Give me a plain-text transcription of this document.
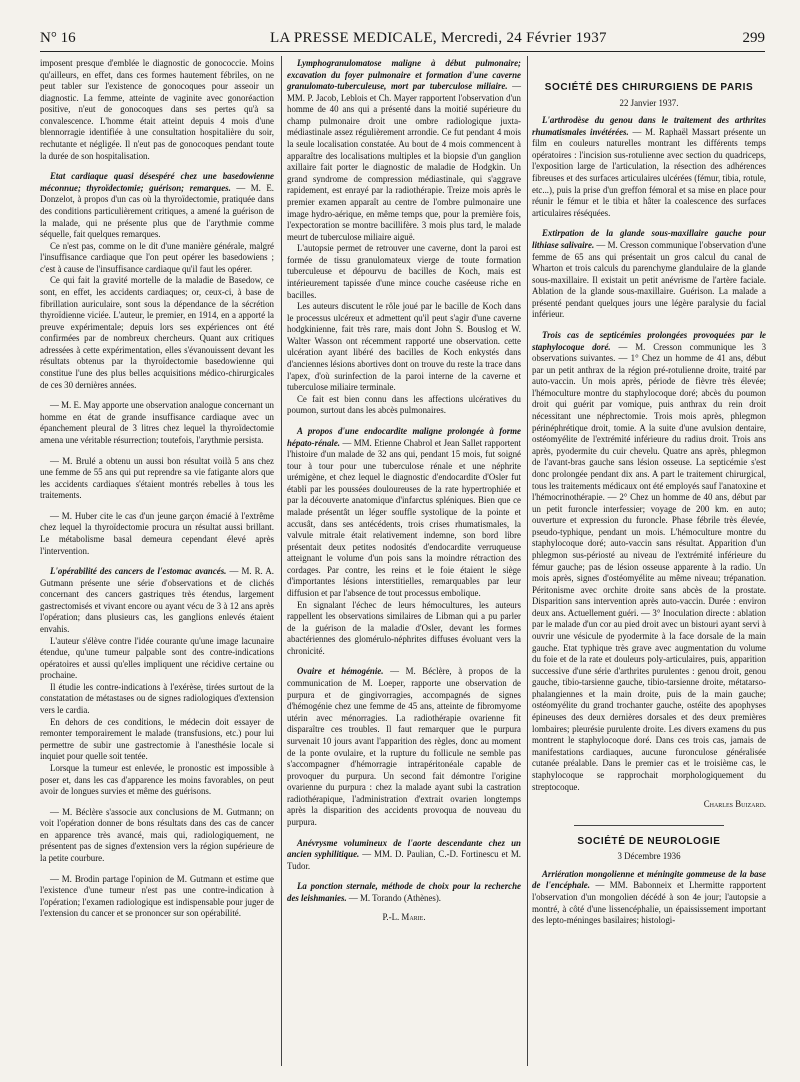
N° 16	LA PRESSE MEDICALE, Mercredi, 24 Février 1937	299

imposent presque d'emblée le diagnostic de gonococcie. Moins qu'ailleurs, en effet, dans ces formes hautement fébriles, on ne peut tabler sur l'existence de gonocoques pour asseoir un diagnostic. La femme, atteinte de vaginite avec gonoréaction positive, n'eut de gonocoques dans ses pertes qu'à sa convalescence. L'homme était atteint depuis 4 mois d'une blennorragie identifiée à une consultation hospitalière du soir, rechutante et négligée. Il n'eut pas de gonocoques pendant toute la durée de son hospitalisation.

Etat cardiaque quasi désespéré chez une basedowienne méconnue; thyroïdectomie; guérison; remarques. — M. E. Donzelot, à propos d'un cas où la thyroïdectomie, pratiquée dans des conditions particulièrement critiques, a amené la guérison de la malade, qui ne présente plus que de l'arythmie comme séquelle, fait quelques remarques.

Ce n'est pas, comme on le dit d'une manière générale, malgré l'insuffisance cardiaque que l'on peut opérer les basedowiens ; c'est à cause de l'insuffisance cardiaque qu'il faut les opérer.

Ce qui fait la gravité mortelle de la maladie de Basedow, ce sont, en effet, les accidents cardiaques; or, ceux-ci, à base de fibrillation auriculaire, sont sous la dépendance de la sécrétion thyroïdienne viciée. L'auteur, le premier, en 1914, en a apporté la preuve expérimentale; depuis lors ses expériences ont été confirmées par de nombreux chercheurs. Quant aux critiques adressées à cette expérimentation, elles s'évanouissent devant les résultats obtenus par la thyroïdectomie basedowienne qui constitue l'une des plus belles acquisitions médico-chirurgicales de ces 30 dernières années.

— M. E. May apporte une observation analogue concernant un homme en état de grande insuffisance cardiaque avec un épanchement pleural de 3 litres chez lequel la thyroïdectomie amena une véritable résurrection; toutefois, l'arythmie persista.

— M. Brulé a obtenu un aussi bon résultat voilà 5 ans chez une femme de 55 ans qui put reprendre sa vie fatigante alors que les accidents cardiaques s'étaient montrés rebelles à tous les traitements.

— M. Huber cite le cas d'un jeune garçon émacié à l'extrême chez lequel la thyroïdectomie procura un résultat aussi brillant. Le métabolisme basal demeura cependant élevé après l'intervention.

L'opérabilité des cancers de l'estomac avancés. — M. R. A. Gutmann présente une série d'observations et de clichés concernant des cancers gastriques très étendus, largement gastrectomisés et vivant encore ou ayant vécu de 3 à 12 ans après l'opération; dans plusieurs cas, les ganglions enlevés étaient envahis.

L'auteur s'élève contre l'idée courante qu'une image lacunaire étendue, qu'une tumeur palpable sont des contre-indications opératoires et aussi qu'elles impliquent une récidive certaine ou prochaine.

Il étudie les contre-indications à l'exérèse, tirées surtout de la constatation de métastases ou de signes radiologiques d'extension vers le cardia.

En dehors de ces conditions, le médecin doit essayer de remonter temporairement le malade (transfusions, etc.) pour lui permettre de subir une gastrectomie à l'anesthésie locale si inquiet pour quelle soit tentée.

Lorsque la tumeur est enlevée, le pronostic est impossible à poser et, dans les cas d'apparence les moins favorables, on peut avoir de longues survies et même des guérisons.

— M. Béclère s'associe aux conclusions de M. Gutmann; on voit l'opération donner de bons résultats dans des cas de cancer en apparence très avancé, mais qui, radiologiquement, ne présentent pas de signes d'extension vers la région supérieure de la petite courbure.

— M. Brodin partage l'opinion de M. Gutmann et estime que l'existence d'une tumeur n'est pas une contre-indication à l'opération; l'examen radiologique est indispensable pour juger de l'extension du cancer et se prononcer sur son opérabilité.

Lymphogranulomatose maligne à début pulmonaire; excavation du foyer pulmonaire et formation d'une caverne granulomato-tuberculeuse, mort par tuberculose miliaire. — MM. P. Jacob, Leblois et Ch. Mayer rapportent l'observation d'un homme de 40 ans qui a présenté dans la moitié supérieure du champ pulmonaire droit une ombre radiologique juxta-médiastinale assez régulièrement arrondie. Ce fut pendant 4 mois la seule localisation constatée. Au bout de 4 mois commencent à apparaître des localisations multiples et la biopsie d'un ganglion axillaire fait porter le diagnostic de maladie de Hodgkin. Un grand syndrome de compression médiastinale, qui s'aggrave rapidement, est enrayé par la radiothérapie. Treize mois après le premier examen apparaît au centre de l'ombre pulmonaire une image hydro-aérique, en même temps que, pour la première fois, l'expectoration se montre bacillifère. 3 mois plus tard, le malade meurt de tuberculose miliaire aiguë.

L'autopsie permet de retrouver une caverne, dont la paroi est formée de tissu granulomateux vierge de toute formation tuberculeuse et dépourvu de bacilles de Koch, mais est intérieurement tapissée d'une mince couche caséeuse riche en bacilles.

Les auteurs discutent le rôle joué par le bacille de Koch dans le processus ulcéreux et admettent qu'il peut s'agir d'une caverne hodgkinienne, fait très rare, mais dont John S. Bouslog et W. Walter Wasson ont récemment rapporté une observation. cette ulcération ayant libéré des bacilles de Koch enkystés dans d'anciennes lésions abortives dont on trouve du reste la trace dans l'apex, d'où surinfection de la paroi interne de la caverne et tuberculose miliaire terminale.

Ce fait est bien connu dans les affections ulcératives du poumon, surtout dans les abcès pulmonaires.

A propos d'une endocardite maligne prolongée à forme hépato-rénale. — MM. Etienne Chabrol et Jean Sallet rapportent l'histoire d'un malade de 32 ans qui, pendant 15 mois, fut soigné tour à tour pour une tuberculose rénale et une néphrite urémigène, et chez lequel le diagnostic d'endocardite d'Osler fut établi par les poussées douloureuses de la rate hypertrophiée et par la découverte anatomique d'infarctus spléniques. Bien que ce malade présentât un léger souffle systolique de la pointe et accusât, dans ses antécédents, trois crises rhumatismales, la valvule mitrale était relativement indemne, son bord libre présentait deux petites nodosités d'endocardite verruqueuse atteignant le volume d'un pois sans la moindre rétraction des cordages. Par contre, les reins et le foie étaient le siège d'importantes lésions interstitielles, remarquables par leur diffusion et par l'absence de tout processus embolique.

En signalant l'échec de leurs hémocultures, les auteurs rappellent les observations similaires de Libman qui a pu parler de la guérison de la maladie d'Osler, devant les formes abactériennes des glomérulo-néphrites diffuses évoluant vers la chronicité.

Ovaire et hémogénie. — M. Béclère, à propos de la communication de M. Loeper, rapporte une observation de purpura et de gingivorragies, accompagnés de signes d'hémogénie chez une femme de 45 ans, atteinte de fibromyome utérin avec ménorragies. La radiothérapie ovarienne fit disparaître ces troubles. Il faut remarquer que le purpura survenait 10 jours avant l'apparition des règles, donc au moment de la ponte ovulaire, et la rupture du follicule ne semble pas s'accompagner d'hémorragie intrapéritonéale capable de provoquer du purpura. Un second fait démontre l'origine ovarienne du purpura : chez la malade ayant subi la castration radiothérapique, l'administration d'extrait ovarien longtemps après la disparition des accidents provoqua de nouveau du purpura.

Anévrysme volumineux de l'aorte descendante chez un ancien syphilitique. — MM. D. Paulian, C.-D. Fortinescu et M. Tudor.

La ponction sternale, méthode de choix pour la recherche des leishmanies. — M. Torando (Athènes).

P.-L. Marie.
SOCIÉTÉ DES CHIRURGIENS DE PARIS
22 Janvier 1937.

L'arthrodèse du genou dans le traitement des arthrites rhumatismales invétérées. — M. Raphaël Massart présente un film en couleurs naturelles montrant les différents temps opératoires : l'incision sus-rotulienne avec section du quadriceps, l'exposition large de l'articulation, la résection des adhérences fibreuses et des surfaces articulaires ulcérées (fémur, tibia, rotule, etc...), puis la prise d'un greffon fémoral et sa mise en place pour réunir le fémur et le tibia et hâter la coalescence des surfaces articulaires réséquées.

Extirpation de la glande sous-maxillaire gauche pour lithiase salivaire. — M. Cresson communique l'observation d'une femme de 65 ans qui présentait un gros calcul du canal de Wharton et trois calculs du parenchyme glandulaire de la glande sous-maxillaire. Il existait un petit anévrisme de l'artère faciale. Ablation de la glande sous-maxillaire. Guérison. La malade a présenté pendant quelques jours une légère paralysie du facial inférieur.

Trois cas de septicémies prolongées provoquées par le staphylocoque doré. — M. Cresson communique les 3 observations suivantes. — 1° Chez un homme de 41 ans, début par un petit anthrax de la région pré-rotulienne droite, traité par auto-vaccin. Un mois après, période de fièvre très élevée; l'hémoculture montre du staphylocoque doré; abcès du poumon droit qui guérit par vomique, puis anthrax du rein droit nécessitant une néphrectomie. Trois mois après, phlegmon périnéphrétique droit, tomie. A la suite d'une avulsion dentaire, ostéomyélite de l'extrémité inférieure du radius droit. Trois ans après, pyodermite du cuir chevelu. Quatre ans après, phlegmon de l'avant-bras gauche sans lésion osseuse. La septicémie s'est donc prolongée pendant dix ans. A part le traitement chirurgical, tous les traitements médicaux ont été employés sauf l'anatoxine et l'hémocrinothérapie. — 2° Chez un homme de 40 ans, début par un petit furoncle interfessier; voyage de 200 km. en auto; ouverture et expression du furoncle. Phase fébrile très élevée, pseudo-typhique, pendant un mois. L'hémoculture montre du staphylocoque doré; auto-vaccin sans résultat. Apparition d'un phlegmon sus-périosté au niveau de l'extrémité inférieure du fémur gauche; pas de lésion osseuse apparente à la radio. Un mois après, signes d'ostéomyélite au même niveau; trépanation. Péritonisme avec orchite droite sans abcès de la prostate. Disparition sans intervention après auto-vaccin. Durée : environ deux ans. Actuellement guéri. — 3° Inoculation directe : ablation par le malade d'un cor au pied droit avec un bistouri ayant servi à ouvrir une vésicule de pyodermite à la face dorsale de la main gauche. Etat typhique très grave avec augmentation du volume du foie et de la rate et douleurs poly-articulaires, puis, apparition successive d'une série d'arthrites purulentes : genou droit, genou gauche, tibio-tarsienne gauche, tibio-tarsienne droite, métatarso-phalangiennes et la main droite, puis de la main gauche; ostéomyélite du grand trochanter gauche, ostéite des apophyses épineuses des deux dernières dorsales et des deux premières lombaires; pleurésie purulente droite. Les divers examens du pus montrent le staphylocoque doré. Dans ces trois cas, jamais de manifestations cardiaques, aucune furonculose généralisée cutanée préalable. Dans le premier cas et le troisième cas, le staphylocoque se rapprochait morphologiquement du streptocoque.

Charles Buizard.
SOCIÉTÉ DE NEUROLOGIE
3 Décembre 1936

Arriération mongolienne et méningite gommeuse de la base de l'encéphale. — MM. Babonneix et Lhermitte rapportent l'observation d'un mongolien décédé à son 4e jour; l'autopsie a montré, à côté d'une lissencéphalie, un épaississement important des lepto-méninges basilaires; histologi-
